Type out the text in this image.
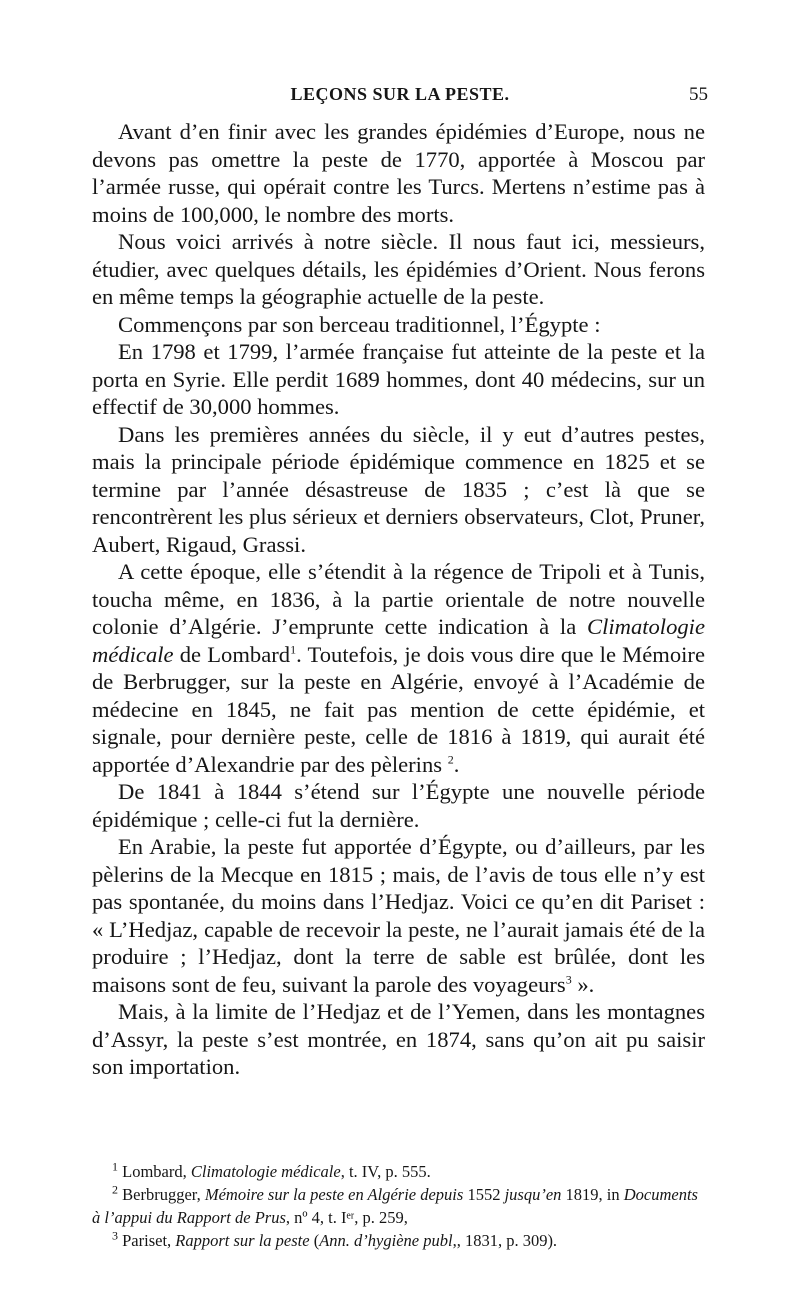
LEÇONS SUR LA PESTE.	55

Avant d’en finir avec les grandes épidémies d’Europe, nous ne devons pas omettre la peste de 1770, apportée à Moscou par l’armée russe, qui opérait contre les Turcs. Mertens n’estime pas à moins de 100,000, le nombre des morts.

Nous voici arrivés à notre siècle. Il nous faut ici, messieurs, étudier, avec quelques détails, les épidémies d’Orient. Nous ferons en même temps la géographie actuelle de la peste.

Commençons par son berceau traditionnel, l’Égypte :

En 1798 et 1799, l’armée française fut atteinte de la peste et la porta en Syrie. Elle perdit 1689 hommes, dont 40 médecins, sur un effectif de 30,000 hommes.

Dans les premières années du siècle, il y eut d’autres pestes, mais la principale période épidémique commence en 1825 et se termine par l’année désastreuse de 1835 ; c’est là que se rencontrèrent les plus sérieux et derniers observateurs, Clot, Pruner, Aubert, Rigaud, Grassi.

A cette époque, elle s’étendit à la régence de Tripoli et à Tunis, toucha même, en 1836, à la partie orientale de notre nouvelle colonie d’Algérie. J’emprunte cette indication à la Climatologie médicale de Lombard$^1$. Toutefois, je dois vous dire que le Mémoire de Berbrugger, sur la peste en Algérie, envoyé à l’Académie de médecine en 1845, ne fait pas mention de cette épidémie, et signale, pour dernière peste, celle de 1816 à 1819, qui aurait été apportée d’Alexandrie par des pèlerins $^2$.

De 1841 à 1844 s’étend sur l’Égypte une nouvelle période épidémique ; celle-ci fut la dernière.

En Arabie, la peste fut apportée d’Égypte, ou d’ailleurs, par les pèlerins de la Mecque en 1815 ; mais, de l’avis de tous elle n’y est pas spontanée, du moins dans l’Hedjaz. Voici ce qu’en dit Pariset : « L’Hedjaz, capable de recevoir la peste, ne l’aurait jamais été de la produire ; l’Hedjaz, dont la terre de sable est brûlée, dont les maisons sont de feu, suivant la parole des voyageurs$^3$ ».

Mais, à la limite de l’Hedjaz et de l’Yemen, dans les montagnes d’Assyr, la peste s’est montrée, en 1874, sans qu’on ait pu saisir son importation.

$^1$ Lombard, Climatologie médicale, t. IV, p. 555.

$^2$ Berbrugger, Mémoire sur la peste en Algérie depuis 1552 jusqu’en 1819, in Documents à l’appui du Rapport de Prus, nº 4, t. Iᵉʳ, p. 259,

$^3$ Pariset, Rapport sur la peste (Ann. d’hygiène publ,, 1831, p. 309).
